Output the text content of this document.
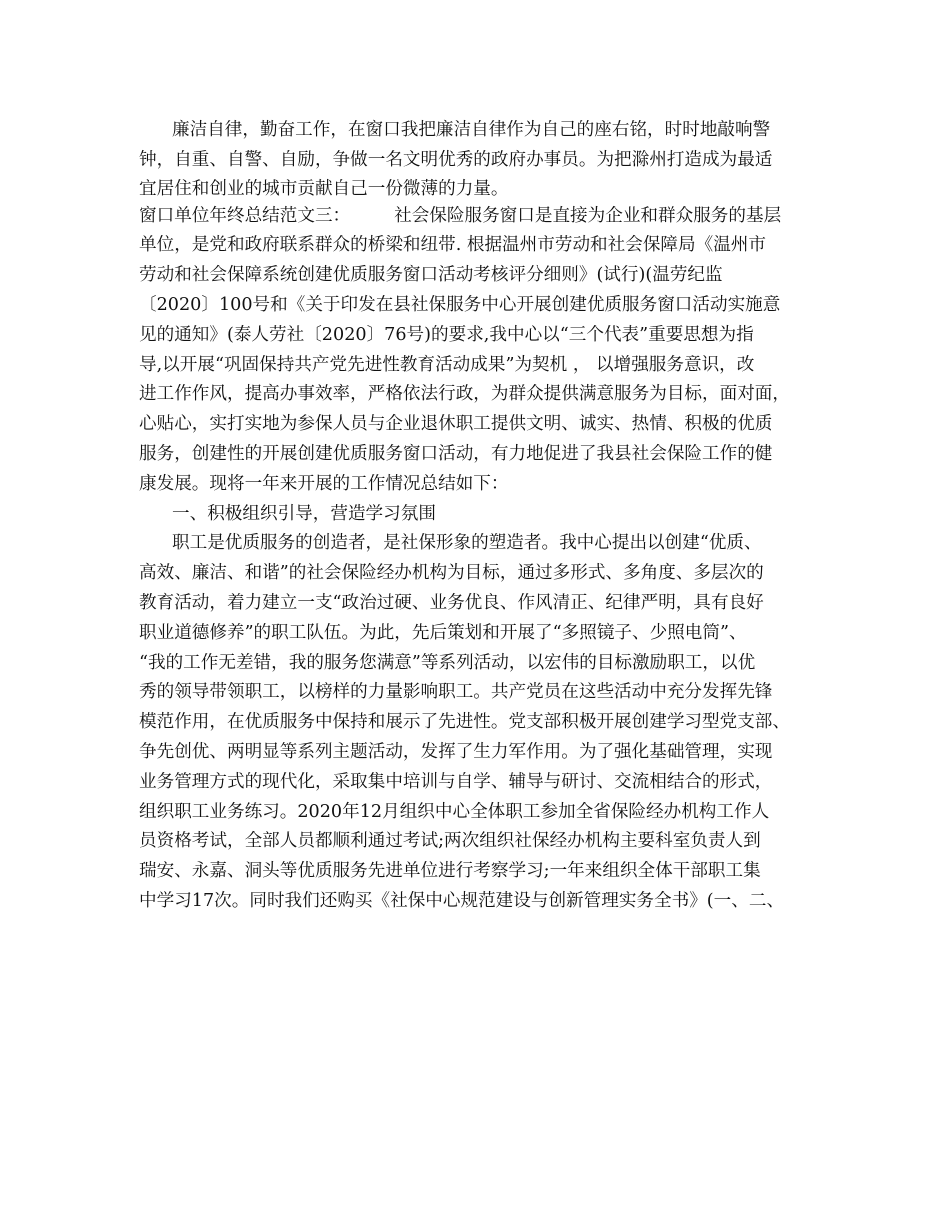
廉洁自律，勤奋工作，在窗口我把廉洁自律作为自己的座右铭，时时地敲响警
钟，自重、自警、自励，争做一名文明优秀的政府办事员。为把滁州打造成为最适
宜居住和创业的城市贡献自己一份微薄的力量。
窗口单位年终总结范文三：　　　社会保险服务窗口是直接为企业和群众服务的基层
单位，是党和政府联系群众的桥梁和纽带. 根据温州市劳动和社会保障局《温州市
劳动和社会保障系统创建优质服务窗口活动考核评分细则》(试行)(温劳纪监
〔2020〕100号和《关于印发在县社保服务中心开展创建优质服务窗口活动实施意
见的通知》(泰人劳社〔2020〕76号)的要求,我中心以“三个代表”重要思想为指
导,以开展“巩固保持共产党先进性教育活动成果”为契机 ， 以增强服务意识，改
进工作作风，提高办事效率，严格依法行政，为群众提供满意服务为目标，面对面，
心贴心，实打实地为参保人员与企业退休职工提供文明、诚实、热情、积极的优质
服务，创建性的开展创建优质服务窗口活动，有力地促进了我县社会保险工作的健
康发展。现将一年来开展的工作情况总结如下：
一、积极组织引导，营造学习氛围
职工是优质服务的创造者，是社保形象的塑造者。我中心提出以创建“优质、
高效、廉洁、和谐”的社会保险经办机构为目标，通过多形式、多角度、多层次的
教育活动，着力建立一支“政治过硬、业务优良、作风清正、纪律严明，具有良好
职业道德修养”的职工队伍。为此，先后策划和开展了“多照镜子、少照电筒”、
“我的工作无差错，我的服务您满意”等系列活动，以宏伟的目标激励职工，以优
秀的领导带领职工，以榜样的力量影响职工。共产党员在这些活动中充分发挥先锋
模范作用，在优质服务中保持和展示了先进性。党支部积极开展创建学习型党支部、
争先创优、两明显等系列主题活动，发挥了生力军作用。为了强化基础管理，实现
业务管理方式的现代化，采取集中培训与自学、辅导与研讨、交流相结合的形式，
组织职工业务练习。2020年12月组织中心全体职工参加全省保险经办机构工作人
员资格考试，全部人员都顺利通过考试;两次组织社保经办机构主要科室负责人到
瑞安、永嘉、洞头等优质服务先进单位进行考察学习;一年来组织全体干部职工集
中学习17次。同时我们还购买《社保中心规范建设与创新管理实务全书》(一、二、
